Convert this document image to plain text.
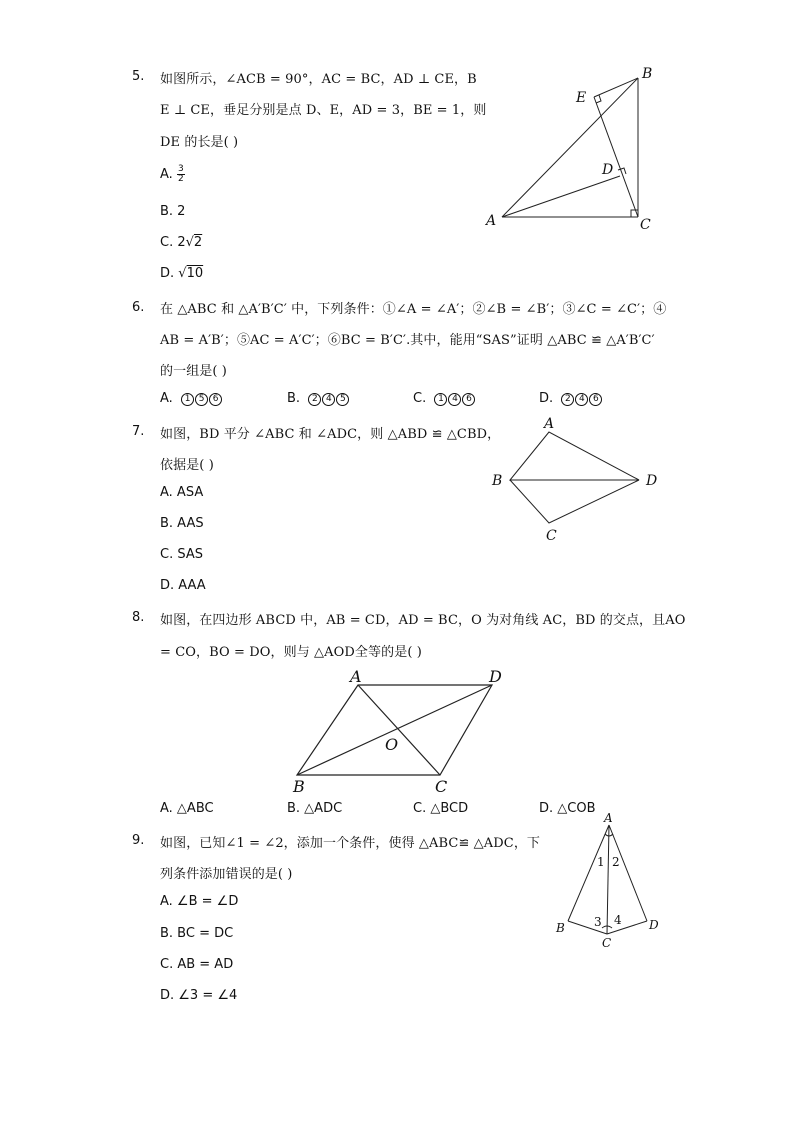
5. 如图所示，∠ACB = 90°，AC = BC，AD ⊥ CE，B
E ⊥ CE，垂足分别是点 D、E，AD = 3，BE = 1，则
DE 的长是( )
A. $\frac{3}{2}$
B. 2
C. 2√2
D. √10
A
B
C
D
E
6. 在 △ABC 和 △A′B′C′ 中，下列条件：①∠A = ∠A′；②∠B = ∠B′；③∠C = ∠C′；④
AB = A′B′；⑤AC = A′C′；⑥BC = B′C′.其中，能用“SAS”证明 △ABC ≌ △A′B′C′
的一组是( )
A. 1 5 6	B. 2 4 5	C. 1 4 6	D. 2 4 6
7. 如图，BD 平分 ∠ABC 和 ∠ADC，则 △ABD ≌ △CBD，
依据是( )
A. ASA
B. AAS
C. SAS
D. AAA
A
B
C
D
8. 如图，在四边形 ABCD 中，AB = CD，AD = BC，O 为对角线 AC，BD 的交点，且AO
= CO，BO = DO，则与 △AOD全等的是( )
A	D
B	C
O
A. △ABC	B. △ADC	C. △BCD	D. △COB
9. 如图，已知∠1 = ∠2，添加一个条件，使得 △ABC≌ △ADC，下
列条件添加错误的是( )
A. ∠B = ∠D
B. BC = DC
C. AB = AD
D. ∠3 = ∠4
A
B
C
D
1 2
3 4
